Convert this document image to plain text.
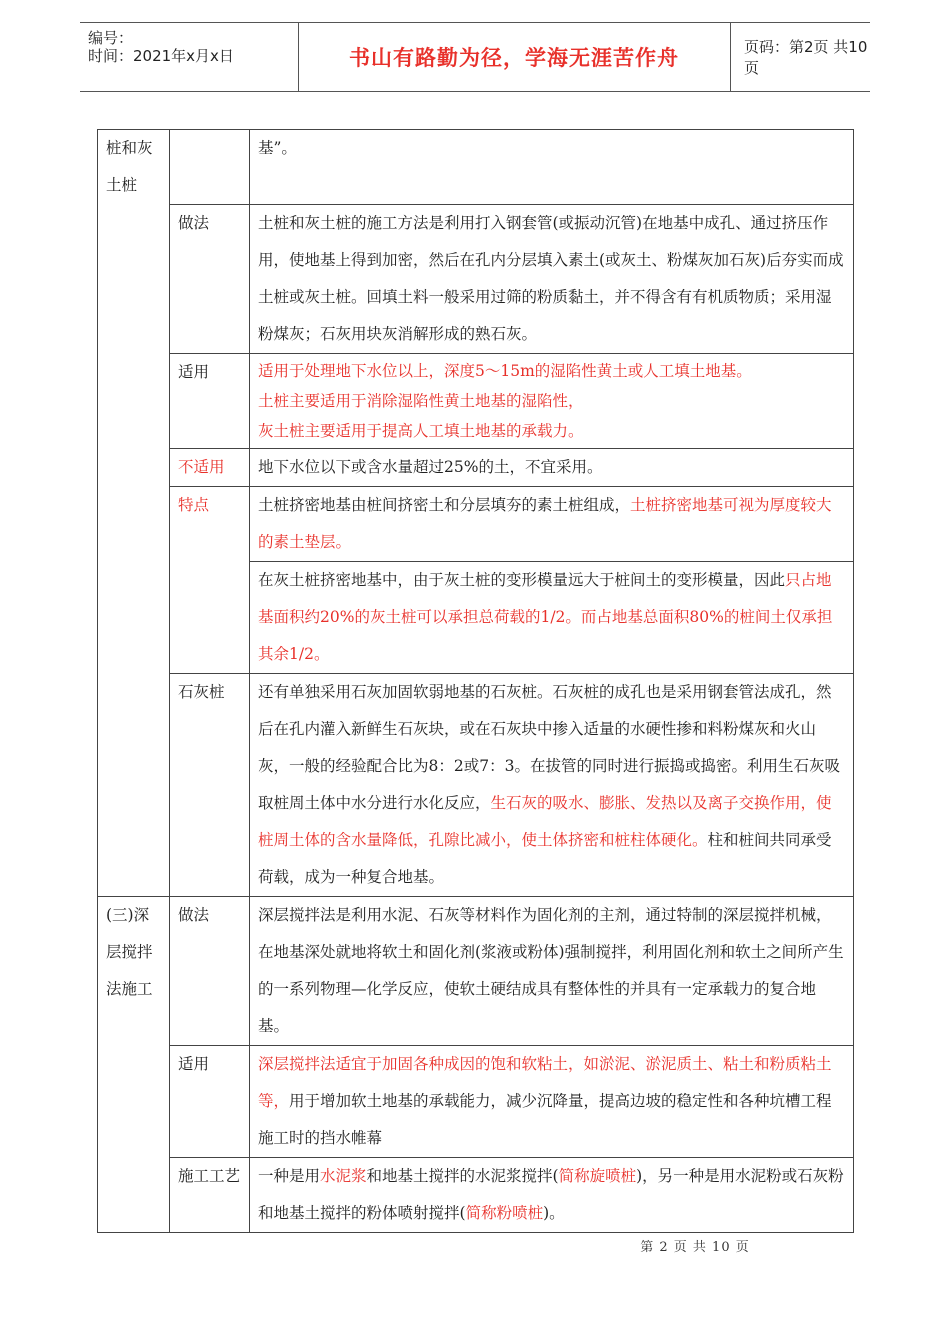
编号：
时间：2021年x月x日	书山有路勤为径，学海无涯苦作舟	页码：第2页 共10页
桩和灰土桩		基”。
	做法	土桩和灰土桩的施工方法是利用打入钢套管(或振动沉管)在地基中成孔、通过挤压作用，使地基上得到加密，然后在孔内分层填入素土(或灰土、粉煤灰加石灰)后夯实而成土桩或灰土桩。回填土料一般采用过筛的粉质黏土，并不得含有有机质物质；采用湿粉煤灰；石灰用块灰消解形成的熟石灰。
	适用	适用于处理地下水位以上，深度5～15m的湿陷性黄土或人工填土地基。
土桩主要适用于消除湿陷性黄土地基的湿陷性，
灰土桩主要适用于提高人工填土地基的承载力。

	不适用	地下水位以下或含水量超过25%的土，不宜采用。
	特点	土桩挤密地基由桩间挤密土和分层填夯的素土桩组成，土桩挤密地基可视为厚度较大的素土垫层。
		在灰土桩挤密地基中，由于灰土桩的变形模量远大于桩间土的变形模量，因此只占地基面积约20%的灰土桩可以承担总荷载的1/2。而占地基总面积80%的桩间土仅承担其余1/2。
	石灰桩	还有单独采用石灰加固软弱地基的石灰桩。石灰桩的成孔也是采用钢套管法成孔，然后在孔内灌入新鲜生石灰块，或在石灰块中掺入适量的水硬性掺和料粉煤灰和火山灰，一般的经验配合比为8：2或7：3。在拔管的同时进行振捣或捣密。利用生石灰吸取桩周土体中水分进行水化反应，生石灰的吸水、膨胀、发热以及离子交换作用，使桩周土体的含水量降低，孔隙比减小，使土体挤密和桩柱体硬化。柱和桩间共同承受荷载，成为一种复合地基。
(三)深层搅拌法施工	做法	深层搅拌法是利用水泥、石灰等材料作为固化剂的主剂，通过特制的深层搅拌机械，在地基深处就地将软土和固化剂(浆液或粉体)强制搅拌，利用固化剂和软土之间所产生的一系列物理—化学反应，使软土硬结成具有整体性的并具有一定承载力的复合地基。
	适用	深层搅拌法适宜于加固各种成因的饱和软粘土，如淤泥、淤泥质土、粘土和粉质粘土等，用于增加软土地基的承载能力，减少沉降量，提高边坡的稳定性和各种坑槽工程施工时的挡水帷幕
	施工工艺	一种是用水泥浆和地基土搅拌的水泥浆搅拌(简称旋喷桩)，另一种是用水泥粉或石灰粉和地基土搅拌的粉体喷射搅拌(简称粉喷桩)。
第 2 页 共 10 页
